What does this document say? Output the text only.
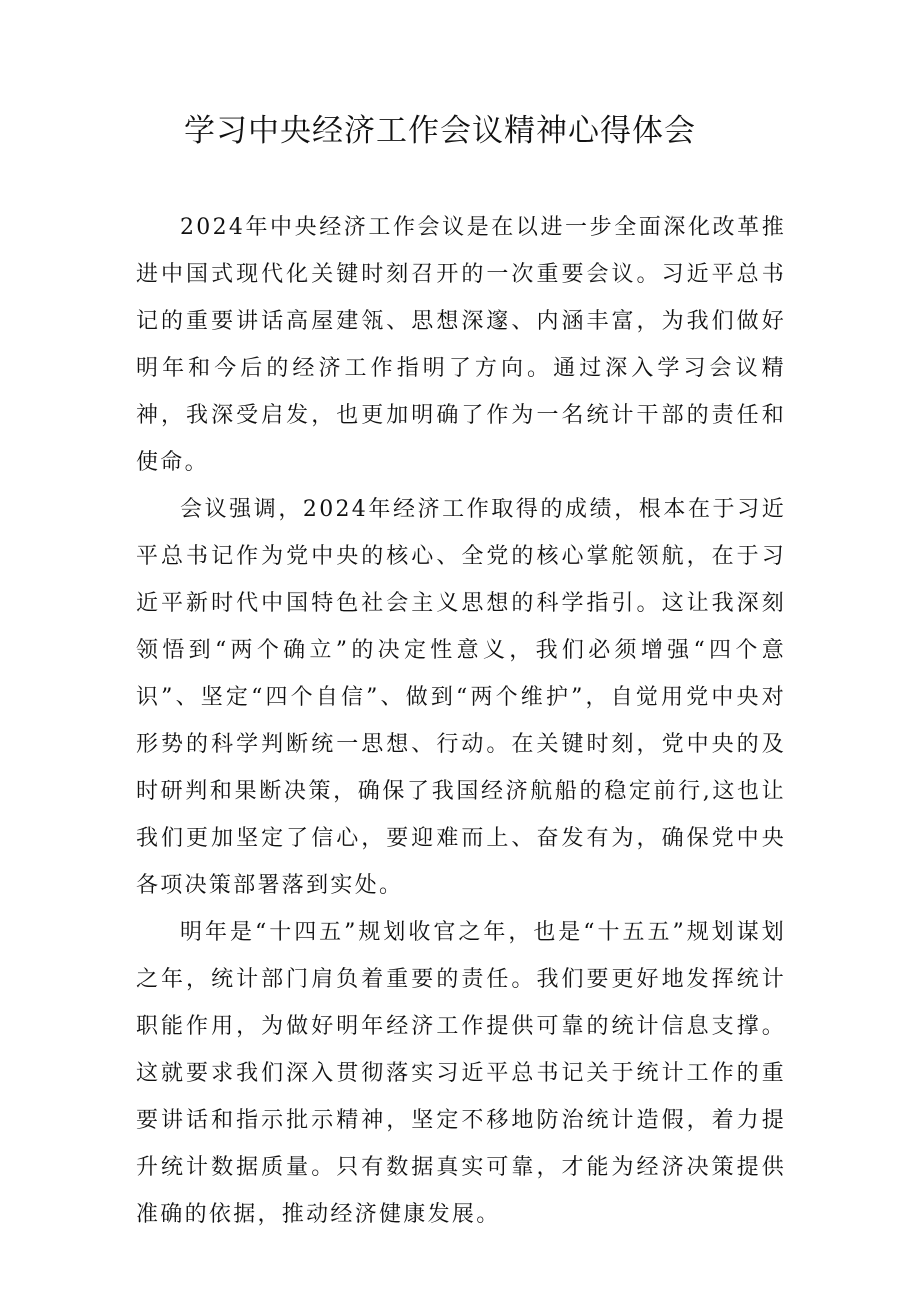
学习中央经济工作会议精神心得体会

2024年中央经济工作会议是在以进一步全面深化改革推进中国式现代化关键时刻召开的一次重要会议。习近平总书记的重要讲话高屋建瓴、思想深邃、内涵丰富，为我们做好明年和今后的经济工作指明了方向。通过深入学习会议精神，我深受启发，也更加明确了作为一名统计干部的责任和使命。

会议强调，2024年经济工作取得的成绩，根本在于习近平总书记作为党中央的核心、全党的核心掌舵领航，在于习近平新时代中国特色社会主义思想的科学指引。这让我深刻领悟到“两个确立”的决定性意义，我们必须增强“四个意识”、坚定“四个自信”、做到“两个维护”，自觉用党中央对形势的科学判断统一思想、行动。在关键时刻，党中央的及时研判和果断决策，确保了我国经济航船的稳定前行,这也让我们更加坚定了信心，要迎难而上、奋发有为，确保党中央各项决策部署落到实处。

明年是“十四五”规划收官之年，也是“十五五”规划谋划之年，统计部门肩负着重要的责任。我们要更好地发挥统计职能作用，为做好明年经济工作提供可靠的统计信息支撑。这就要求我们深入贯彻落实习近平总书记关于统计工作的重要讲话和指示批示精神，坚定不移地防治统计造假，着力提升统计数据质量。只有数据真实可靠，才能为经济决策提供准确的依据，推动经济健康发展。
